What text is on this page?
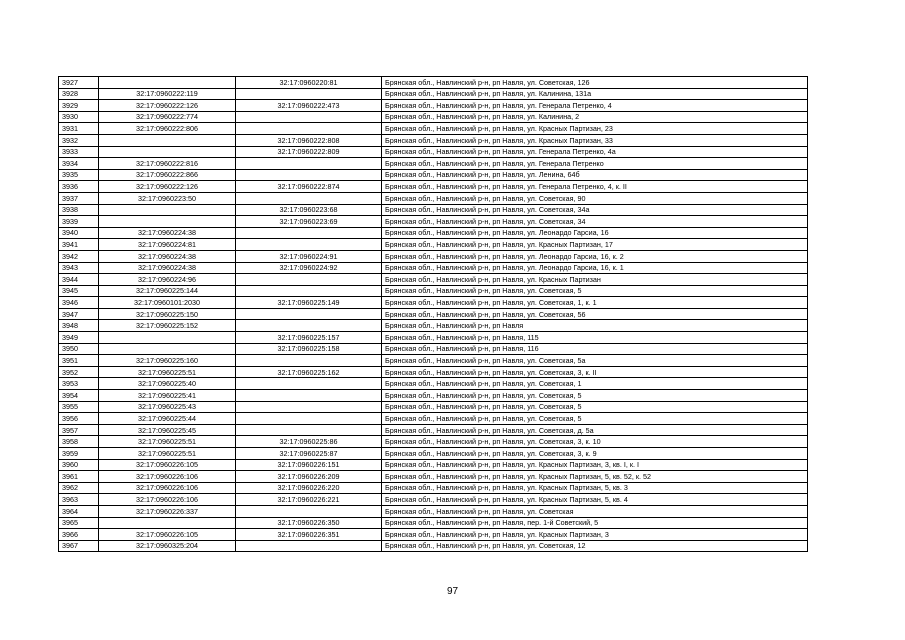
3927		32:17:0960220:81	Брянская обл., Навлинский р-н, рп Навля, ул. Советская, 126
3928	32:17:0960222:119		Брянская обл., Навлинский р-н, рп Навля, ул. Калинина, 131а
3929	32:17:0960222:126	32:17:0960222:473	Брянская обл., Навлинский р-н, рп Навля, ул. Генерала Петренко, 4
3930	32:17:0960222:774		Брянская обл., Навлинский р-н, рп Навля, ул. Калинина, 2
3931	32:17:0960222:806		Брянская обл., Навлинский р-н, рп Навля, ул. Красных Партизан, 23
3932		32:17:0960222:808	Брянская обл., Навлинский р-н, рп Навля, ул. Красных Партизан, 33
3933		32:17:0960222:809	Брянская обл., Навлинский р-н, рп Навля, ул. Генерала Петренко, 4а
3934	32:17:0960222:816		Брянская обл., Навлинский р-н, рп Навля, ул. Генерала Петренко
3935	32:17:0960222:866		Брянская обл., Навлинский р-н, рп Навля, ул. Ленина, 64б
3936	32:17:0960222:126	32:17:0960222:874	Брянская обл., Навлинский р-н, рп Навля, ул. Генерала Петренко, 4, к. II
3937	32:17:0960223:50		Брянская обл., Навлинский р-н, рп Навля, ул. Советская, 90
3938		32:17:0960223:68	Брянская обл., Навлинский р-н, рп Навля, ул. Советская, 34а
3939		32:17:0960223:69	Брянская обл., Навлинский р-н, рп Навля, ул. Советская, 34
3940	32:17:0960224:38		Брянская обл., Навлинский р-н, рп Навля, ул. Леонардо Гарсиа, 16
3941	32:17:0960224:81		Брянская обл., Навлинский р-н, рп Навля, ул. Красных Партизан, 17
3942	32:17:0960224:38	32:17:0960224:91	Брянская обл., Навлинский р-н, рп Навля, ул. Леонардо Гарсиа, 16, к. 2
3943	32:17:0960224:38	32:17:0960224:92	Брянская обл., Навлинский р-н, рп Навля, ул. Леонардо Гарсиа, 16, к. 1
3944	32:17:0960224:96		Брянская обл., Навлинский р-н, рп Навля, ул. Красных Партизан
3945	32:17:0960225:144		Брянская обл., Навлинский р-н, рп Навля, ул. Советская, 5
3946	32:17:0960101:2030	32:17:0960225:149	Брянская обл., Навлинский р-н, рп Навля, ул. Советская, 1, к. 1
3947	32:17:0960225:150		Брянская обл., Навлинский р-н, рп Навля, ул. Советская, 56
3948	32:17:0960225:152		Брянская обл., Навлинский р-н, рп Навля
3949		32:17:0960225:157	Брянская обл., Навлинский р-н, рп Навля, 115
3950		32:17:0960225:158	Брянская обл., Навлинский р-н, рп Навля, 116
3951	32:17:0960225:160		Брянская обл., Навлинский р-н, рп Навля, ул. Советская, 5а
3952	32:17:0960225:51	32:17:0960225:162	Брянская обл., Навлинский р-н, рп Навля, ул. Советская, 3, к. II
3953	32:17:0960225:40		Брянская обл., Навлинский р-н, рп Навля, ул. Советская, 1
3954	32:17:0960225:41		Брянская обл., Навлинский р-н, рп Навля, ул. Советская, 5
3955	32:17:0960225:43		Брянская обл., Навлинский р-н, рп Навля, ул. Советская, 5
3956	32:17:0960225:44		Брянская обл., Навлинский р-н, рп Навля, ул. Советская, 5
3957	32:17:0960225:45		Брянская обл., Навлинский р-н, рп Навля, ул. Советская, д. 5а
3958	32:17:0960225:51	32:17:0960225:86	Брянская обл., Навлинский р-н, рп Навля, ул. Советская, 3, к. 10
3959	32:17:0960225:51	32:17:0960225:87	Брянская обл., Навлинский р-н, рп Навля, ул. Советская, 3, к. 9
3960	32:17:0960226:105	32:17:0960226:151	Брянская обл., Навлинский р-н, рп Навля, ул. Красных Партизан, 3, кв. I, к. I
3961	32:17:0960226:106	32:17:0960226:209	Брянская обл., Навлинский р-н, рп Навля, ул. Красных Партизан, 5, кв. 52, к. 52
3962	32:17:0960226:106	32:17:0960226:220	Брянская обл., Навлинский р-н, рп Навля, ул. Красных Партизан, 5, кв. 3
3963	32:17:0960226:106	32:17:0960226:221	Брянская обл., Навлинский р-н, рп Навля, ул. Красных Партизан, 5, кв. 4
3964	32:17:0960226:337		Брянская обл., Навлинский р-н, рп Навля, ул. Советская
3965		32:17:0960226:350	Брянская обл., Навлинский р-н, рп Навля, пер. 1-й Советский, 5
3966	32:17:0960226:105	32:17:0960226:351	Брянская обл., Навлинский р-н, рп Навля, ул. Красных Партизан, 3
3967	32:17:0960325:204		Брянская обл., Навлинский р-н, рп Навля, ул. Советская, 12
97
